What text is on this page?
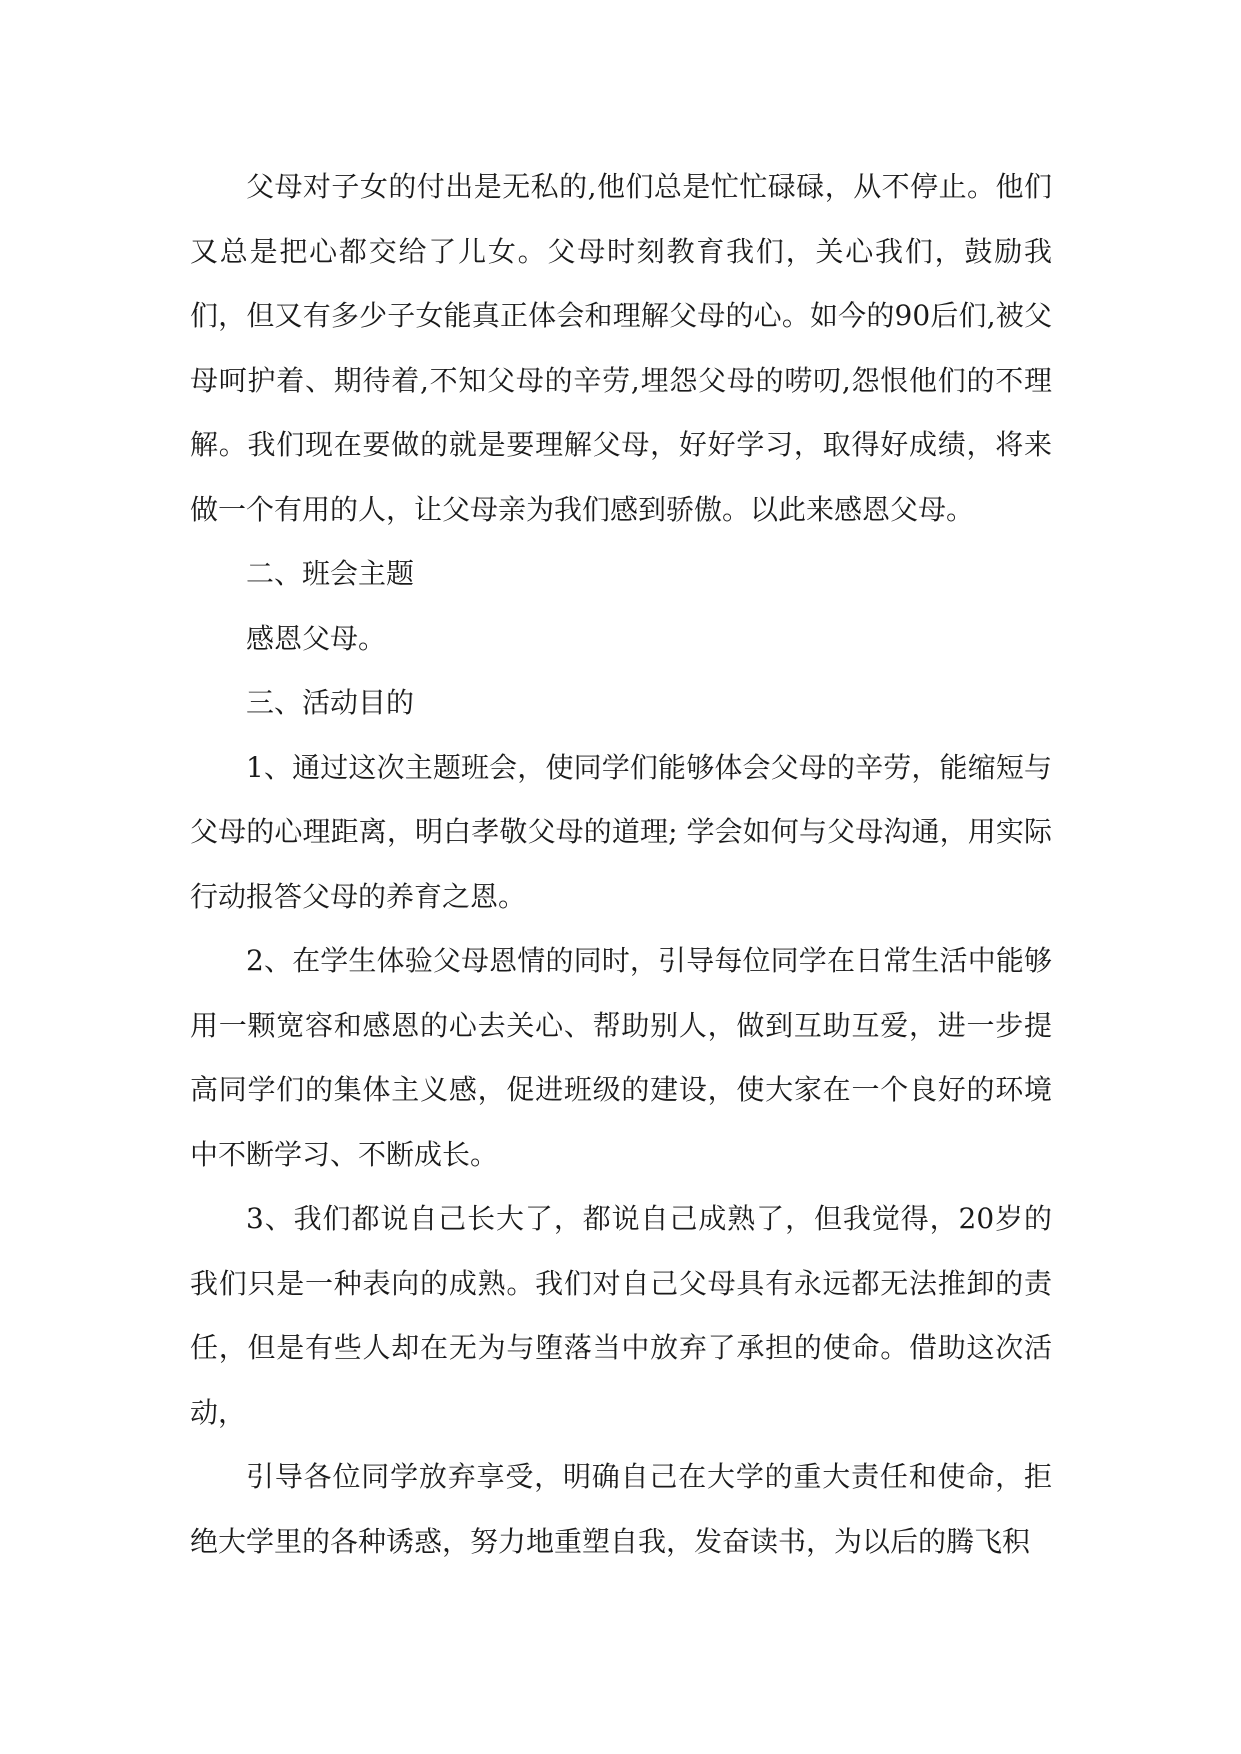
父母对子女的付出是无私的,他们总是忙忙碌碌，从不停止。他们又总是把心都交给了儿女。父母时刻教育我们，关心我们，鼓励我们，但又有多少子女能真正体会和理解父母的心。如今的90后们,被父母呵护着、期待着,不知父母的辛劳,埋怨父母的唠叨,怨恨他们的不理解。我们现在要做的就是要理解父母，好好学习，取得好成绩，将来做一个有用的人，让父母亲为我们感到骄傲。以此来感恩父母。

二、班会主题

感恩父母。

三、活动目的

1、通过这次主题班会，使同学们能够体会父母的辛劳，能缩短与父母的心理距离，明白孝敬父母的道理; 学会如何与父母沟通，用实际行动报答父母的养育之恩。

2、在学生体验父母恩情的同时，引导每位同学在日常生活中能够用一颗宽容和感恩的心去关心、帮助别人，做到互助互爱，进一步提高同学们的集体主义感，促进班级的建设，使大家在一个良好的环境中不断学习、不断成长。

3、我们都说自己长大了，都说自己成熟了，但我觉得，20岁的我们只是一种表向的成熟。我们对自己父母具有永远都无法推卸的责任，但是有些人却在无为与堕落当中放弃了承担的使命。借助这次活动，

引导各位同学放弃享受，明确自己在大学的重大责任和使命，拒绝大学里的各种诱惑，努力地重塑自我，发奋读书，为以后的腾飞积
